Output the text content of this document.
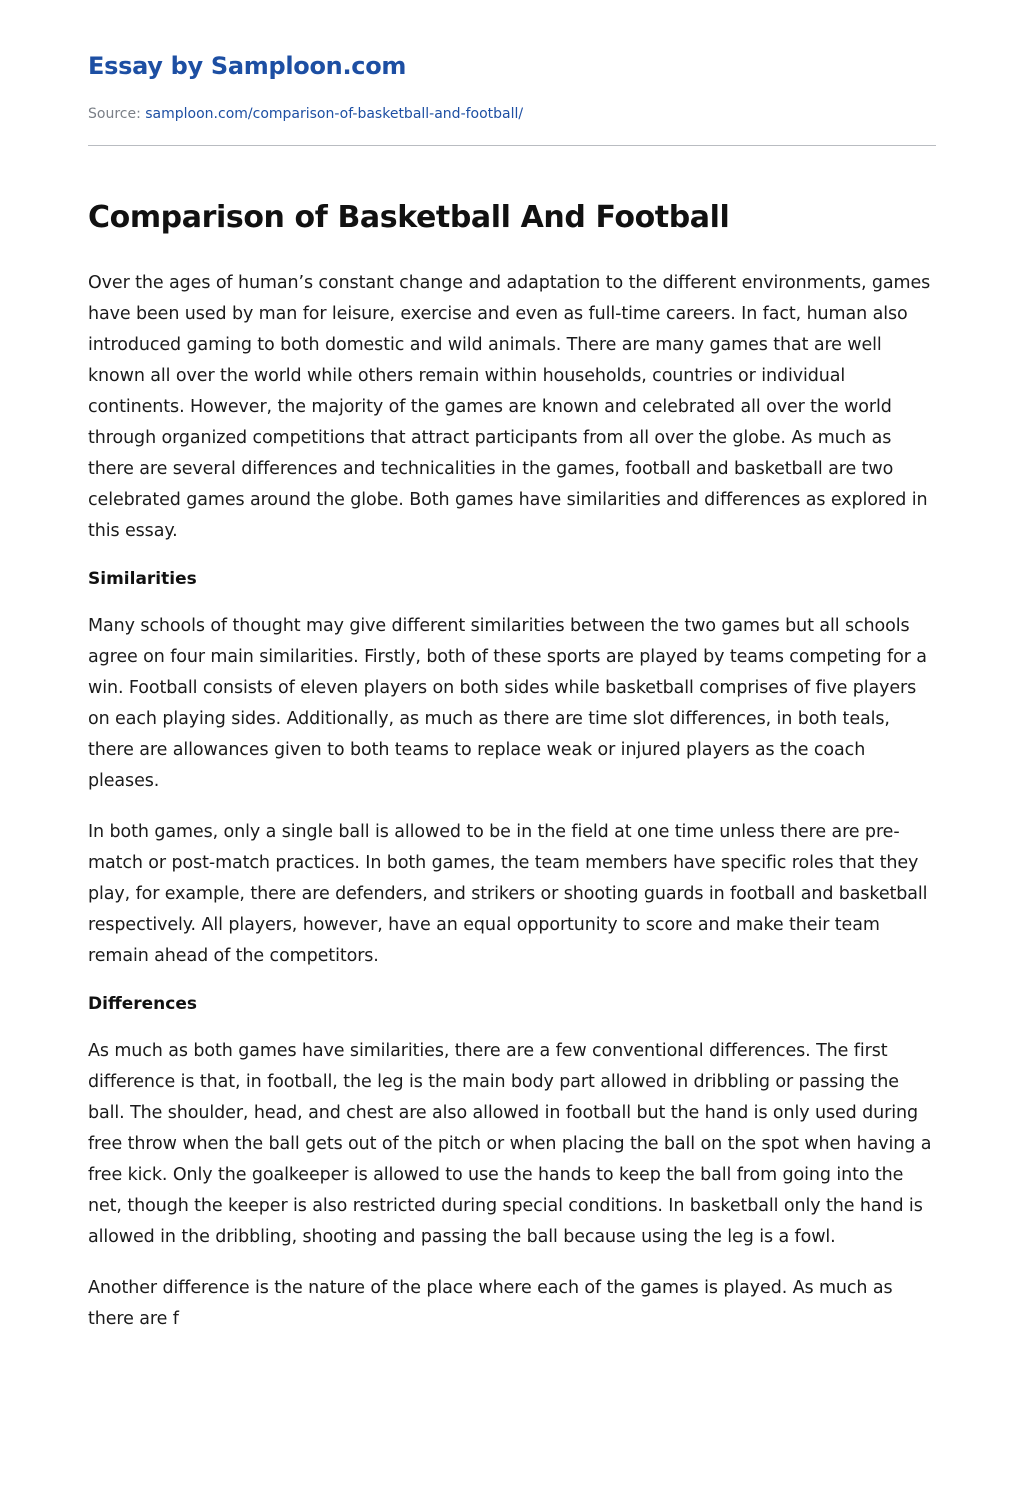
Essay by Samploon.com
Source: samploon.com/comparison-of-basketball-and-football/
Comparison of Basketball And Football

Over the ages of human’s constant change and adaptation to the different environments, games have been used by man for leisure, exercise and even as full-time careers. In fact, human also introduced gaming to both domestic and wild animals. There are many games that are well known all over the world while others remain within households, countries or individual continents. However, the majority of the games are known and celebrated all over the world through organized competitions that attract participants from all over the globe. As much as there are several differences and technicalities in the games, football and basketball are two celebrated games around the globe. Both games have similarities and differences as explored in this essay.

Similarities

Many schools of thought may give different similarities between the two games but all schools agree on four main similarities. Firstly, both of these sports are played by teams competing for a win. Football consists of eleven players on both sides while basketball comprises of five players on each playing sides. Additionally, as much as there are time slot differences, in both teals, there are allowances given to both teams to replace weak or injured players as the coach pleases.

In both games, only a single ball is allowed to be in the field at one time unless there are pre-match or post-match practices. In both games, the team members have specific roles that they play, for example, there are defenders, and strikers or shooting guards in football and basketball respectively. All players, however, have an equal opportunity to score and make their team remain ahead of the competitors.

Differences

As much as both games have similarities, there are a few conventional differences. The first difference is that, in football, the leg is the main body part allowed in dribbling or passing the ball. The shoulder, head, and chest are also allowed in football but the hand is only used during free throw when the ball gets out of the pitch or when placing the ball on the spot when having a free kick. Only the goalkeeper is allowed to use the hands to keep the ball from going into the net, though the keeper is also restricted during special conditions. In basketball only the hand is allowed in the dribbling, shooting and passing the ball because using the leg is a fowl.

Another difference is the nature of the place where each of the games is played. As much as there are f
